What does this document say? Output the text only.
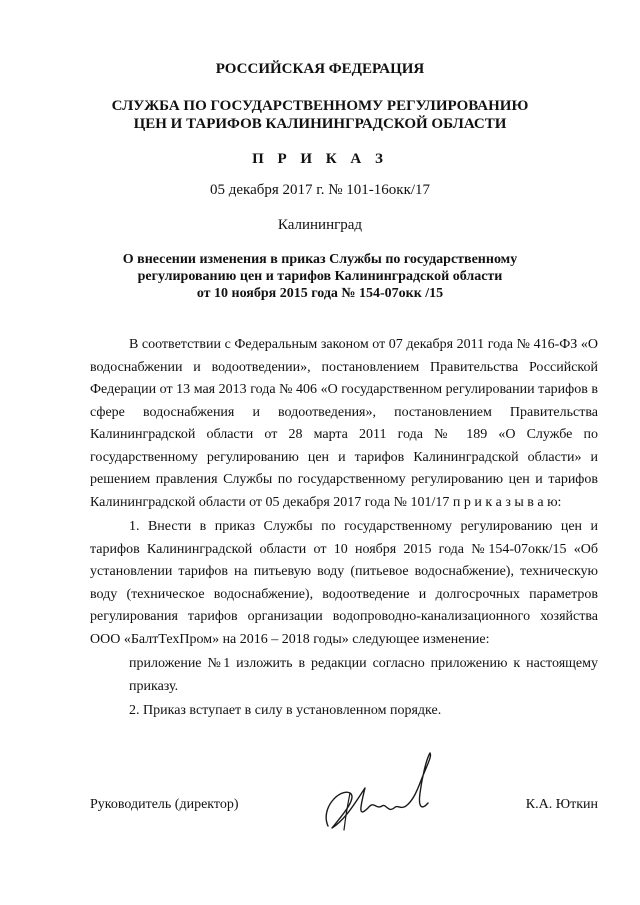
РОССИЙСКАЯ ФЕДЕРАЦИЯ
СЛУЖБА ПО ГОСУДАРСТВЕННОМУ РЕГУЛИРОВАНИЮ
ЦЕН И ТАРИФОВ КАЛИНИНГРАДСКОЙ ОБЛАСТИ
П Р И К А З
05 декабря 2017 г. № 101-16окк/17
Калининград
О внесении изменения в приказ Службы по государственному
регулированию цен и тарифов Калининградской области
от 10 ноября 2015 года № 154-07окк /15

В соответствии с Федеральным законом от 07 декабря 2011 года № 416-ФЗ «О водоснабжении и водоотведении», постановлением Правительства Российской Федерации от 13 мая 2013 года № 406 «О государственном регулировании тарифов в сфере водоснабжения и водоотведения», постановлением Правительства Калининградской области от 28 марта 2011 года № 189 «О Службе по государственному регулированию цен и тарифов Калининградской области» и решением правления Службы по государственному регулированию цен и тарифов Калининградской области от 05 декабря 2017 года № 101/17 п р и к а з ы в а ю:

1. Внести в приказ Службы по государственному регулированию цен и тарифов Калининградской области от 10 ноября 2015 года №154-07окк/15 «Об установлении тарифов на питьевую воду (питьевое водоснабжение), техническую воду (техническое водоснабжение), водоотведение и долгосрочных параметров регулирования тарифов организации водопроводно-канализационного хозяйства ООО «БалтТехПром» на 2016 – 2018 годы» следующее изменение:

приложение №1 изложить в редакции согласно приложению к настоящему приказу.

2. Приказ вступает в силу в установленном порядке.

Руководитель (директор)	К.А. Юткин
